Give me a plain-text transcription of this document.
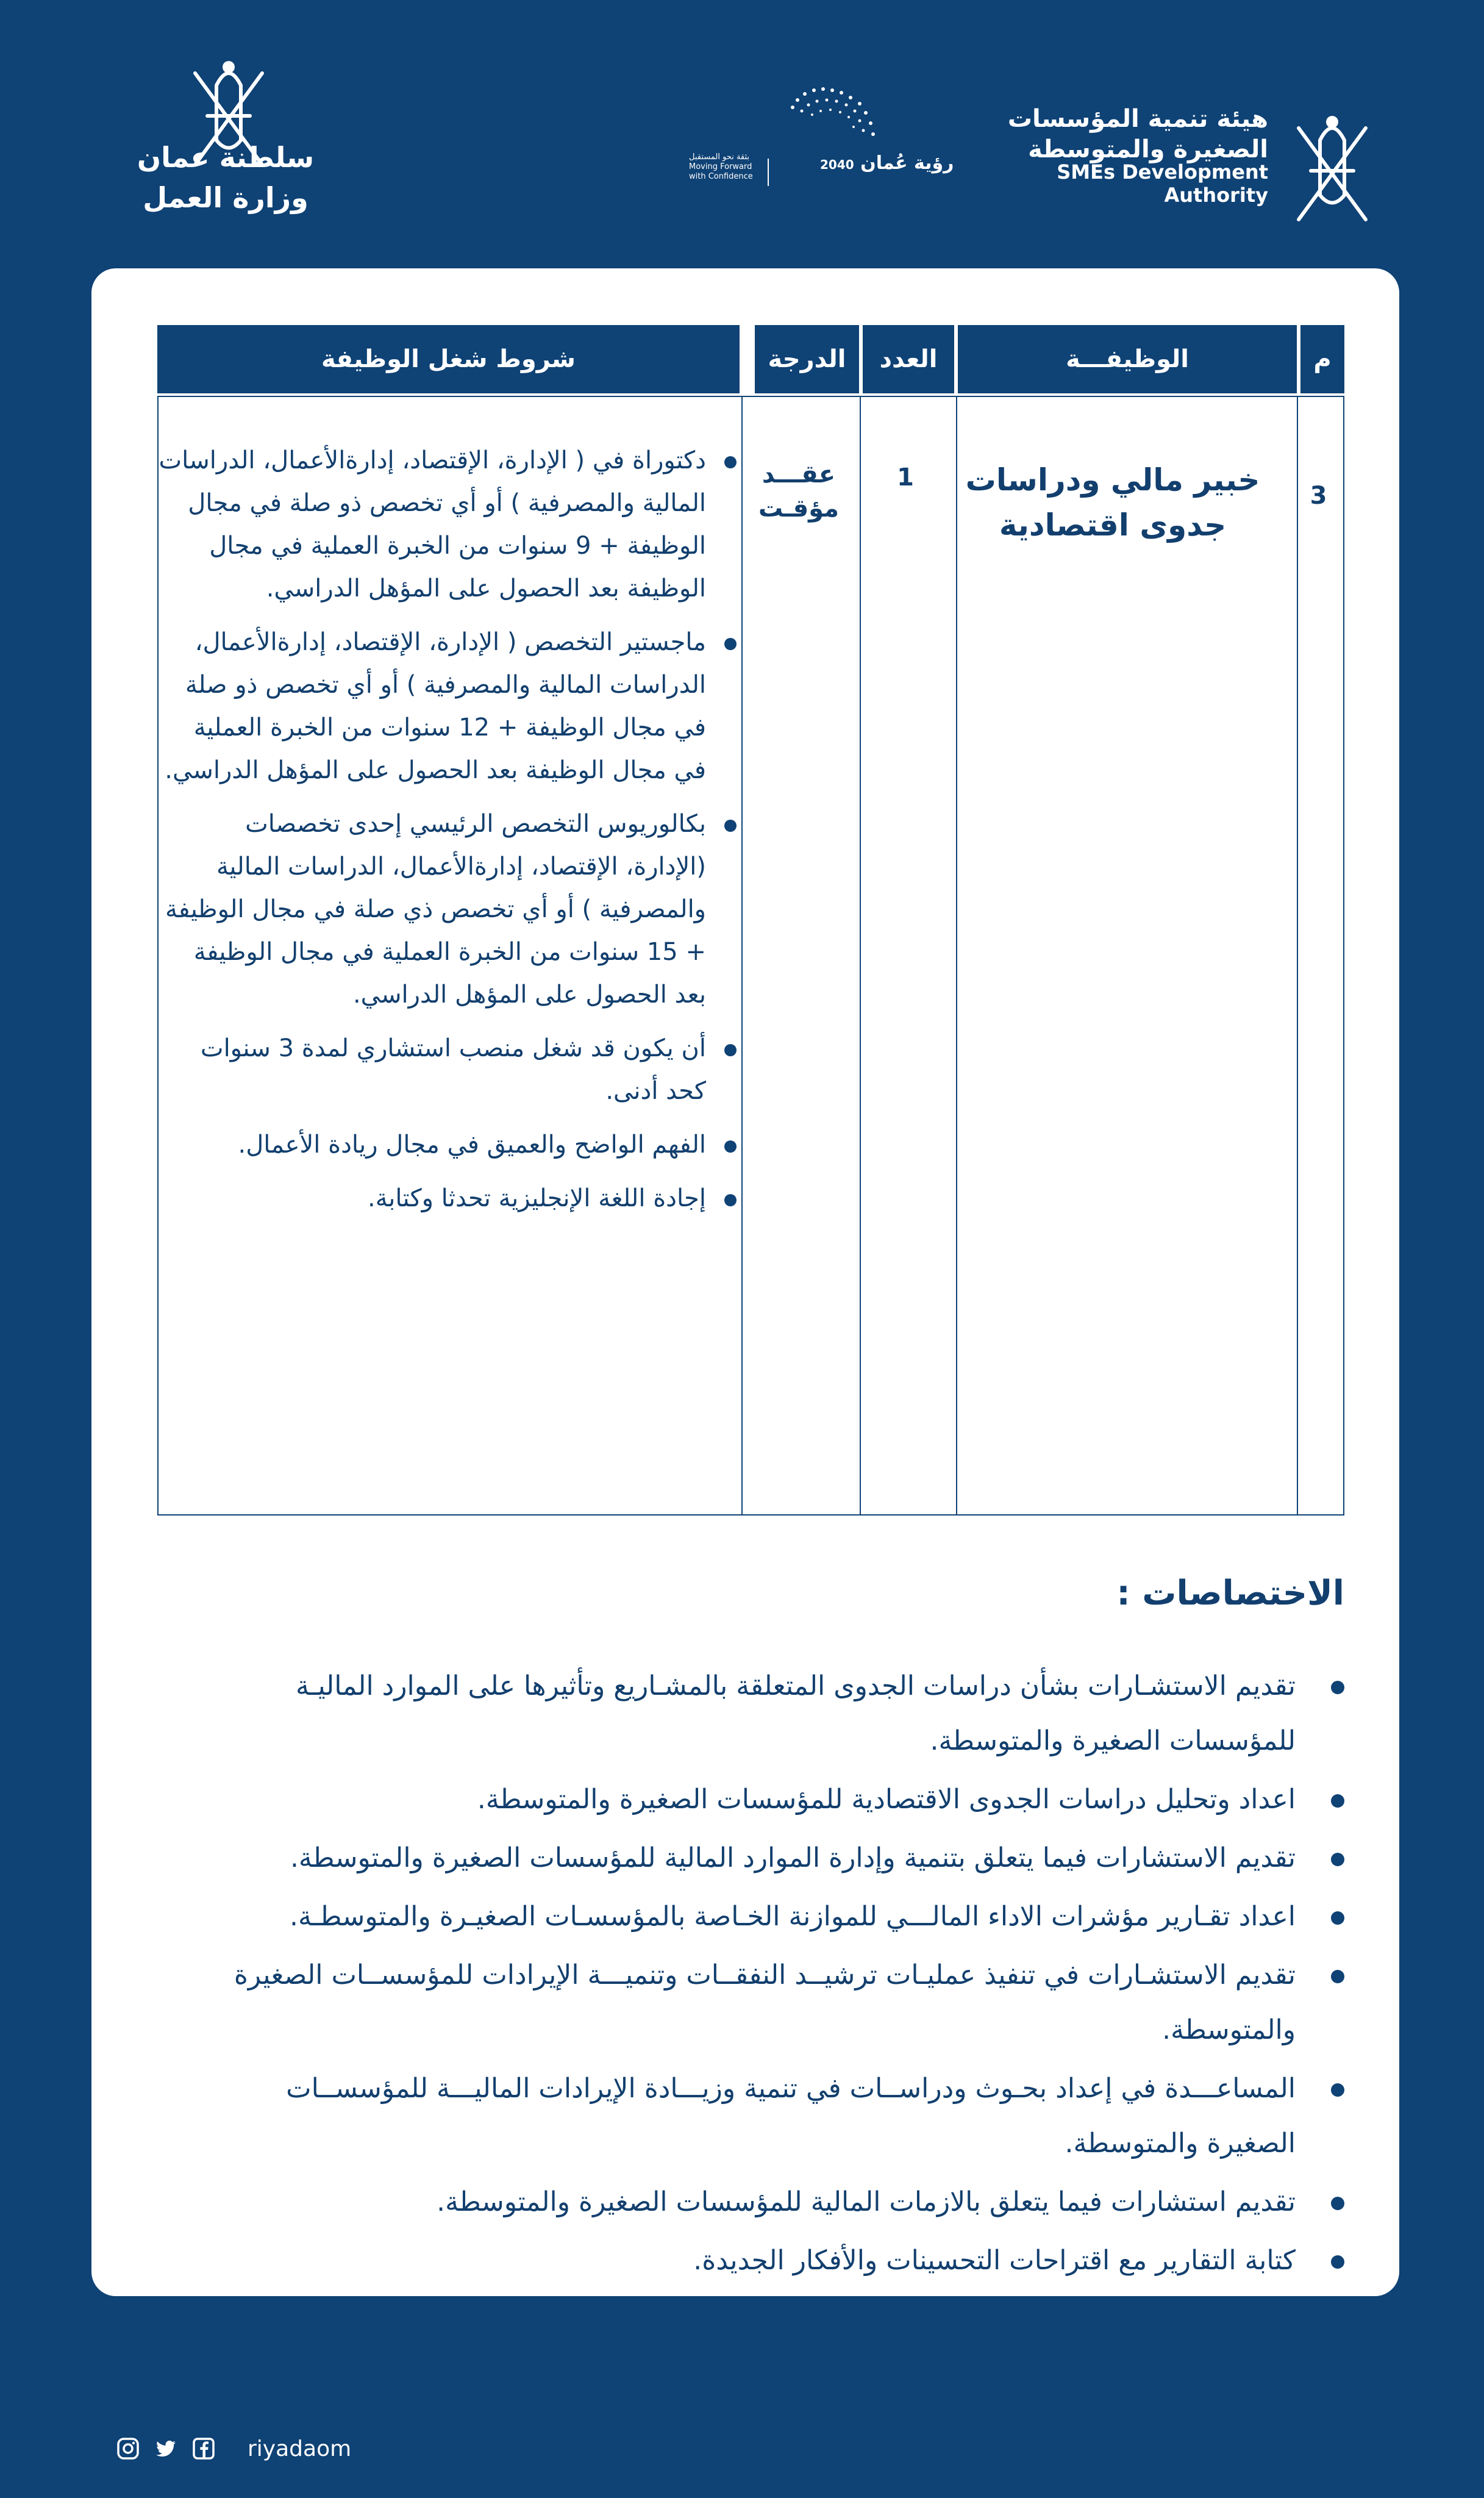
سلطنة عمان
وزارة العمل
رؤية عُمان 2040
بثقة نحو المستقبل
Moving Forward with Confidence
هيئة تنمية المؤسسات
الصغيرة والمتوسطة
SMEs Development Authority
م
الوظيفـــة
العدد
الدرجة
شروط شغل الوظيفة
3
خبير مالي ودراسات جدوى اقتصادية
1
عقـــد مؤقـت
دكتوراة في ( الإدارة، الإقتصاد، إدارةالأعمال، الدراسات المالية والمصرفية ) أو أي تخصص ذو صلة في مجال الوظيفة + 9 سنوات من الخبرة العملية في مجال الوظيفة بعد الحصول على المؤهل الدراسي.
ماجستير التخصص ( الإدارة، الإقتصاد، إدارةالأعمال، الدراسات المالية والمصرفية ) أو أي تخصص ذو صلة في مجال الوظيفة + 12 سنوات من الخبرة العملية في مجال الوظيفة بعد الحصول على المؤهل الدراسي.
بكالوريوس التخصص الرئيسي إحدى تخصصات (الإدارة، الإقتصاد، إدارةالأعمال، الدراسات المالية والمصرفية ) أو أي تخصص ذي صلة في مجال الوظيفة + 15 سنوات من الخبرة العملية في مجال الوظيفة بعد الحصول على المؤهل الدراسي.
أن يكون قد شغل منصب استشاري لمدة 3 سنوات كحد أدنى.
الفهم الواضح والعميق في مجال ريادة الأعمال.
إجادة اللغة الإنجليزية تحدثا وكتابة.
الاختصاصات :
تقديم الاستشـارات بشأن دراسات الجدوى المتعلقة بالمشـاريع وتأثيرها على الموارد الماليـة للمؤسسات الصغيرة والمتوسطة.
اعداد وتحليل دراسات الجدوى الاقتصادية للمؤسسات الصغيرة والمتوسطة.
تقديم الاستشارات فيما يتعلق بتنمية وإدارة الموارد المالية للمؤسسات الصغيرة والمتوسطة.
اعداد تقـارير مؤشرات الاداء المالـــي للموازنة الخـاصة بالمؤسسـات الصغيـرة والمتوسطـة.
تقديم الاستشـارات في تنفيذ عمليـات ترشيــد النفقــات وتنميـــة الإيرادات للمؤسســات الصغيرة والمتوسطة.
المساعـــدة في إعداد بحـوث ودراســات في تنمية وزيـــادة الإيرادات الماليـــة للمؤسســات الصغيرة والمتوسطة.
تقديم استشارات فيما يتعلق بالازمات المالية للمؤسسات الصغيرة والمتوسطة.
كتابة التقارير مع اقتراحات التحسينات والأفكار الجديدة.
riyadaom
